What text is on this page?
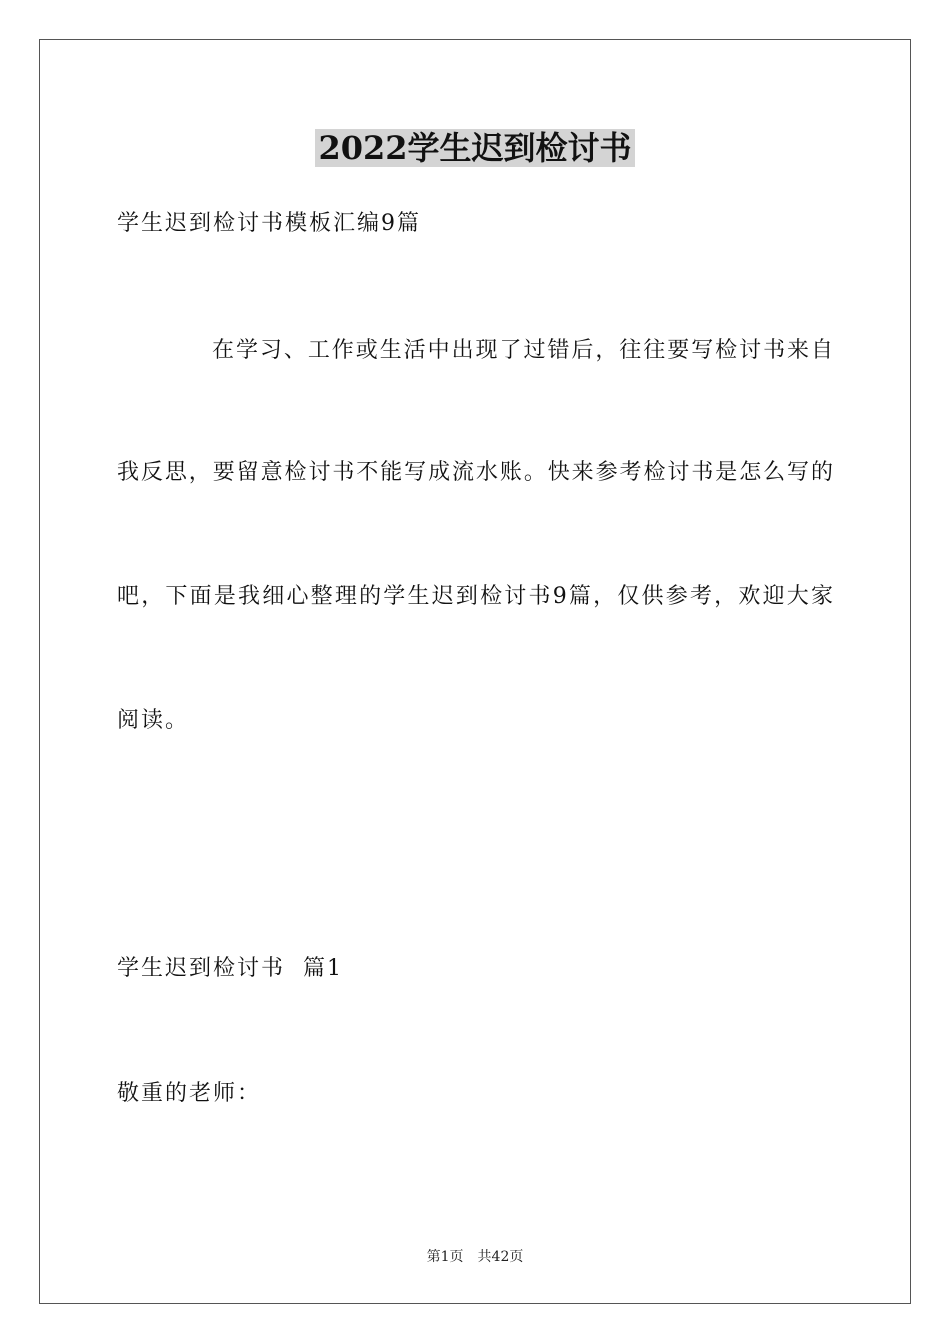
2022学生迟到检讨书
学生迟到检讨书模板汇编9篇
在学习、工作或生活中出现了过错后，往往要写检讨书来自
我反思，要留意检讨书不能写成流水账。快来参考检讨书是怎么写的
吧，下面是我细心整理的学生迟到检讨书9篇，仅供参考，欢迎大家
阅读。
学生迟到检讨书  篇1
敬重的老师：
第1页 共42页
